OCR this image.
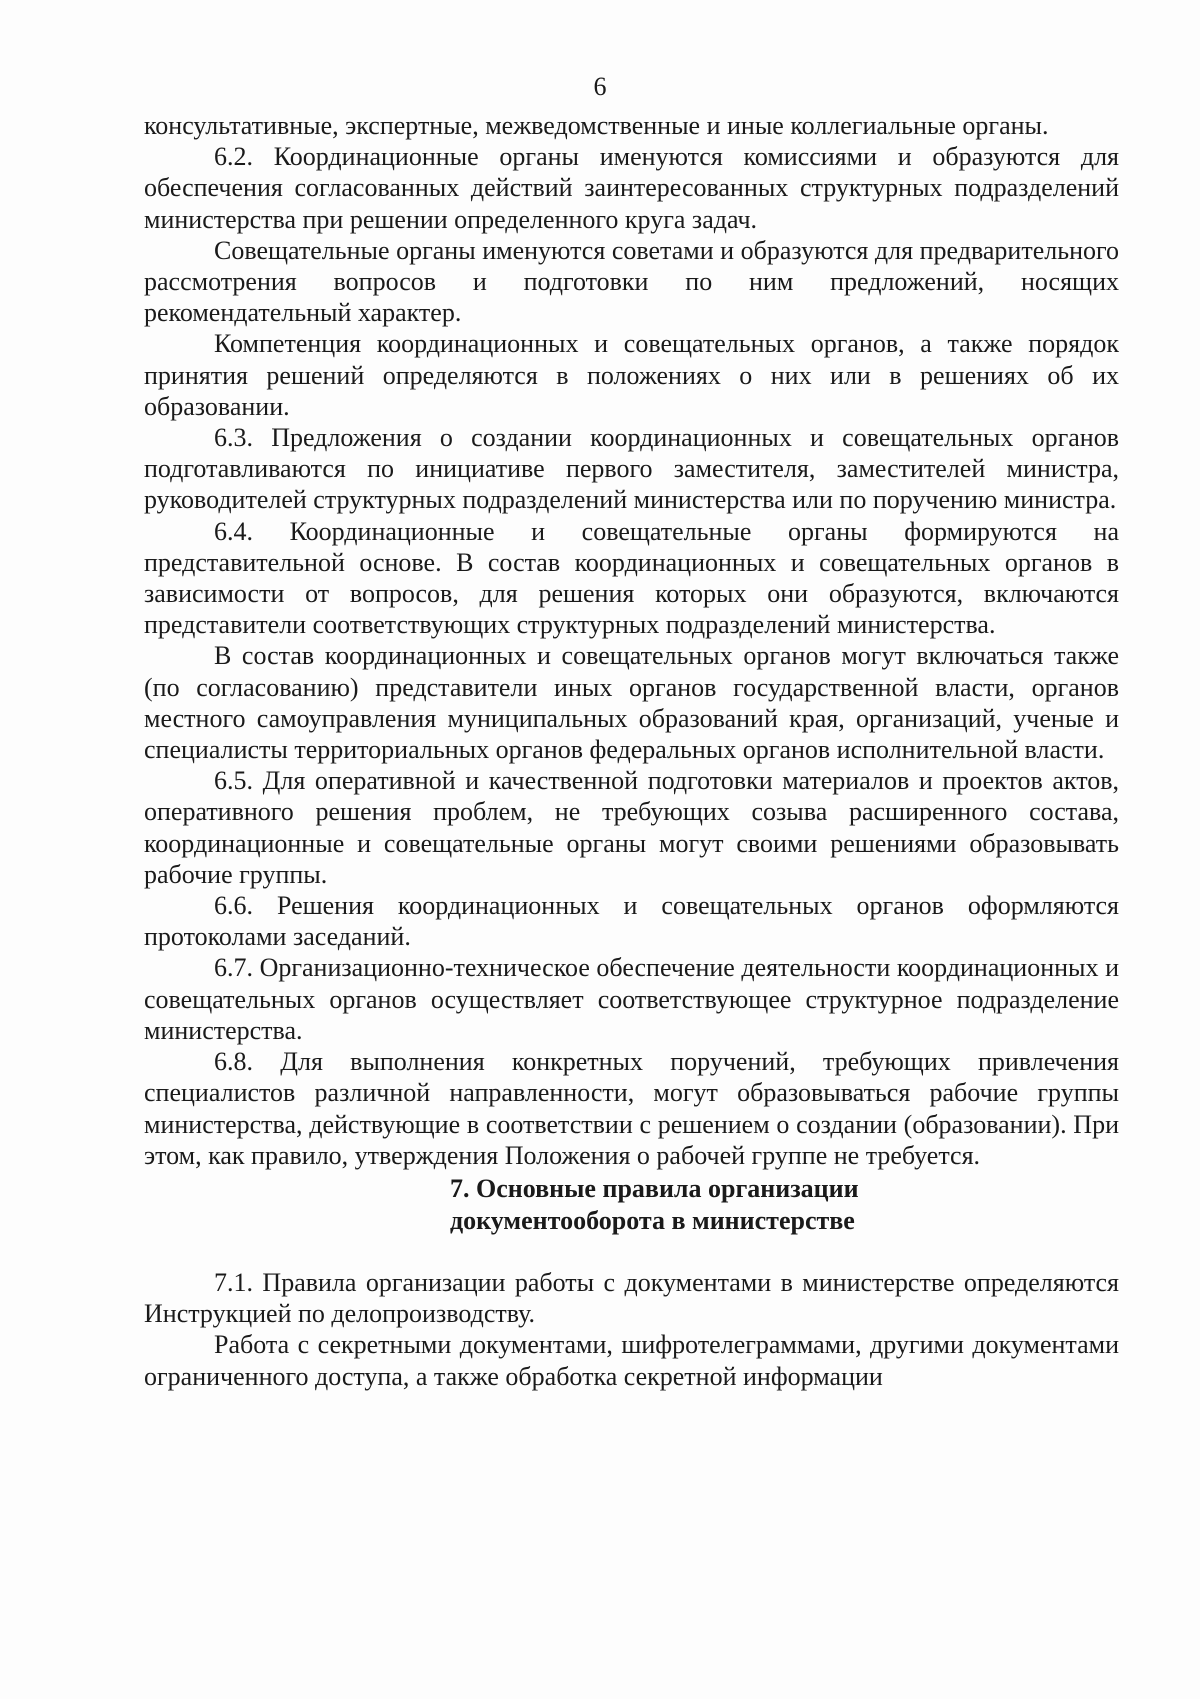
6

консультативные, экспертные, межведомственные и иные коллегиальные органы.

6.2. Координационные органы именуются комиссиями и образуются для обеспечения согласованных действий заинтересованных структурных подразделений министерства при решении определенного круга задач.

Совещательные органы именуются советами и образуются для предварительного рассмотрения вопросов и подготовки по ним предложений, носящих рекомендательный характер.

Компетенция координационных и совещательных органов, а также порядок принятия решений определяются в положениях о них или в решениях об их образовании.

6.3. Предложения о создании координационных и совещательных органов подготавливаются по инициативе первого заместителя, заместителей министра, руководителей структурных подразделений министерства или по поручению министра.

6.4. Координационные и совещательные органы формируются на представительной основе. В состав координационных и совещательных органов в зависимости от вопросов, для решения которых они образуются, включаются представители соответствующих структурных подразделений министерства.

В состав координационных и совещательных органов могут включаться также (по согласованию) представители иных органов государственной власти, органов местного самоуправления муниципальных образований края, организаций, ученые и специалисты территориальных органов федеральных органов исполнительной власти.

6.5. Для оперативной и качественной подготовки материалов и проектов актов, оперативного решения проблем, не требующих созыва расширенного состава, координационные и совещательные органы могут своими решениями образовывать рабочие группы.

6.6. Решения координационных и совещательных органов оформляются протоколами заседаний.

6.7. Организационно-техническое обеспечение деятельности координационных и совещательных органов осуществляет соответствующее структурное подразделение министерства.

6.8. Для выполнения конкретных поручений, требующих привлечения специалистов различной направленности, могут образовываться рабочие группы министерства, действующие в соответствии с решением о создании (образовании). При этом, как правило, утверждения Положения о рабочей группе не требуется.

7. Основные правила организации
документооборота в министерстве

7.1. Правила организации работы с документами в министерстве определяются Инструкцией по делопроизводству.

Работа с секретными документами, шифротелеграммами, другими документами ограниченного доступа, а также обработка секретной информации
